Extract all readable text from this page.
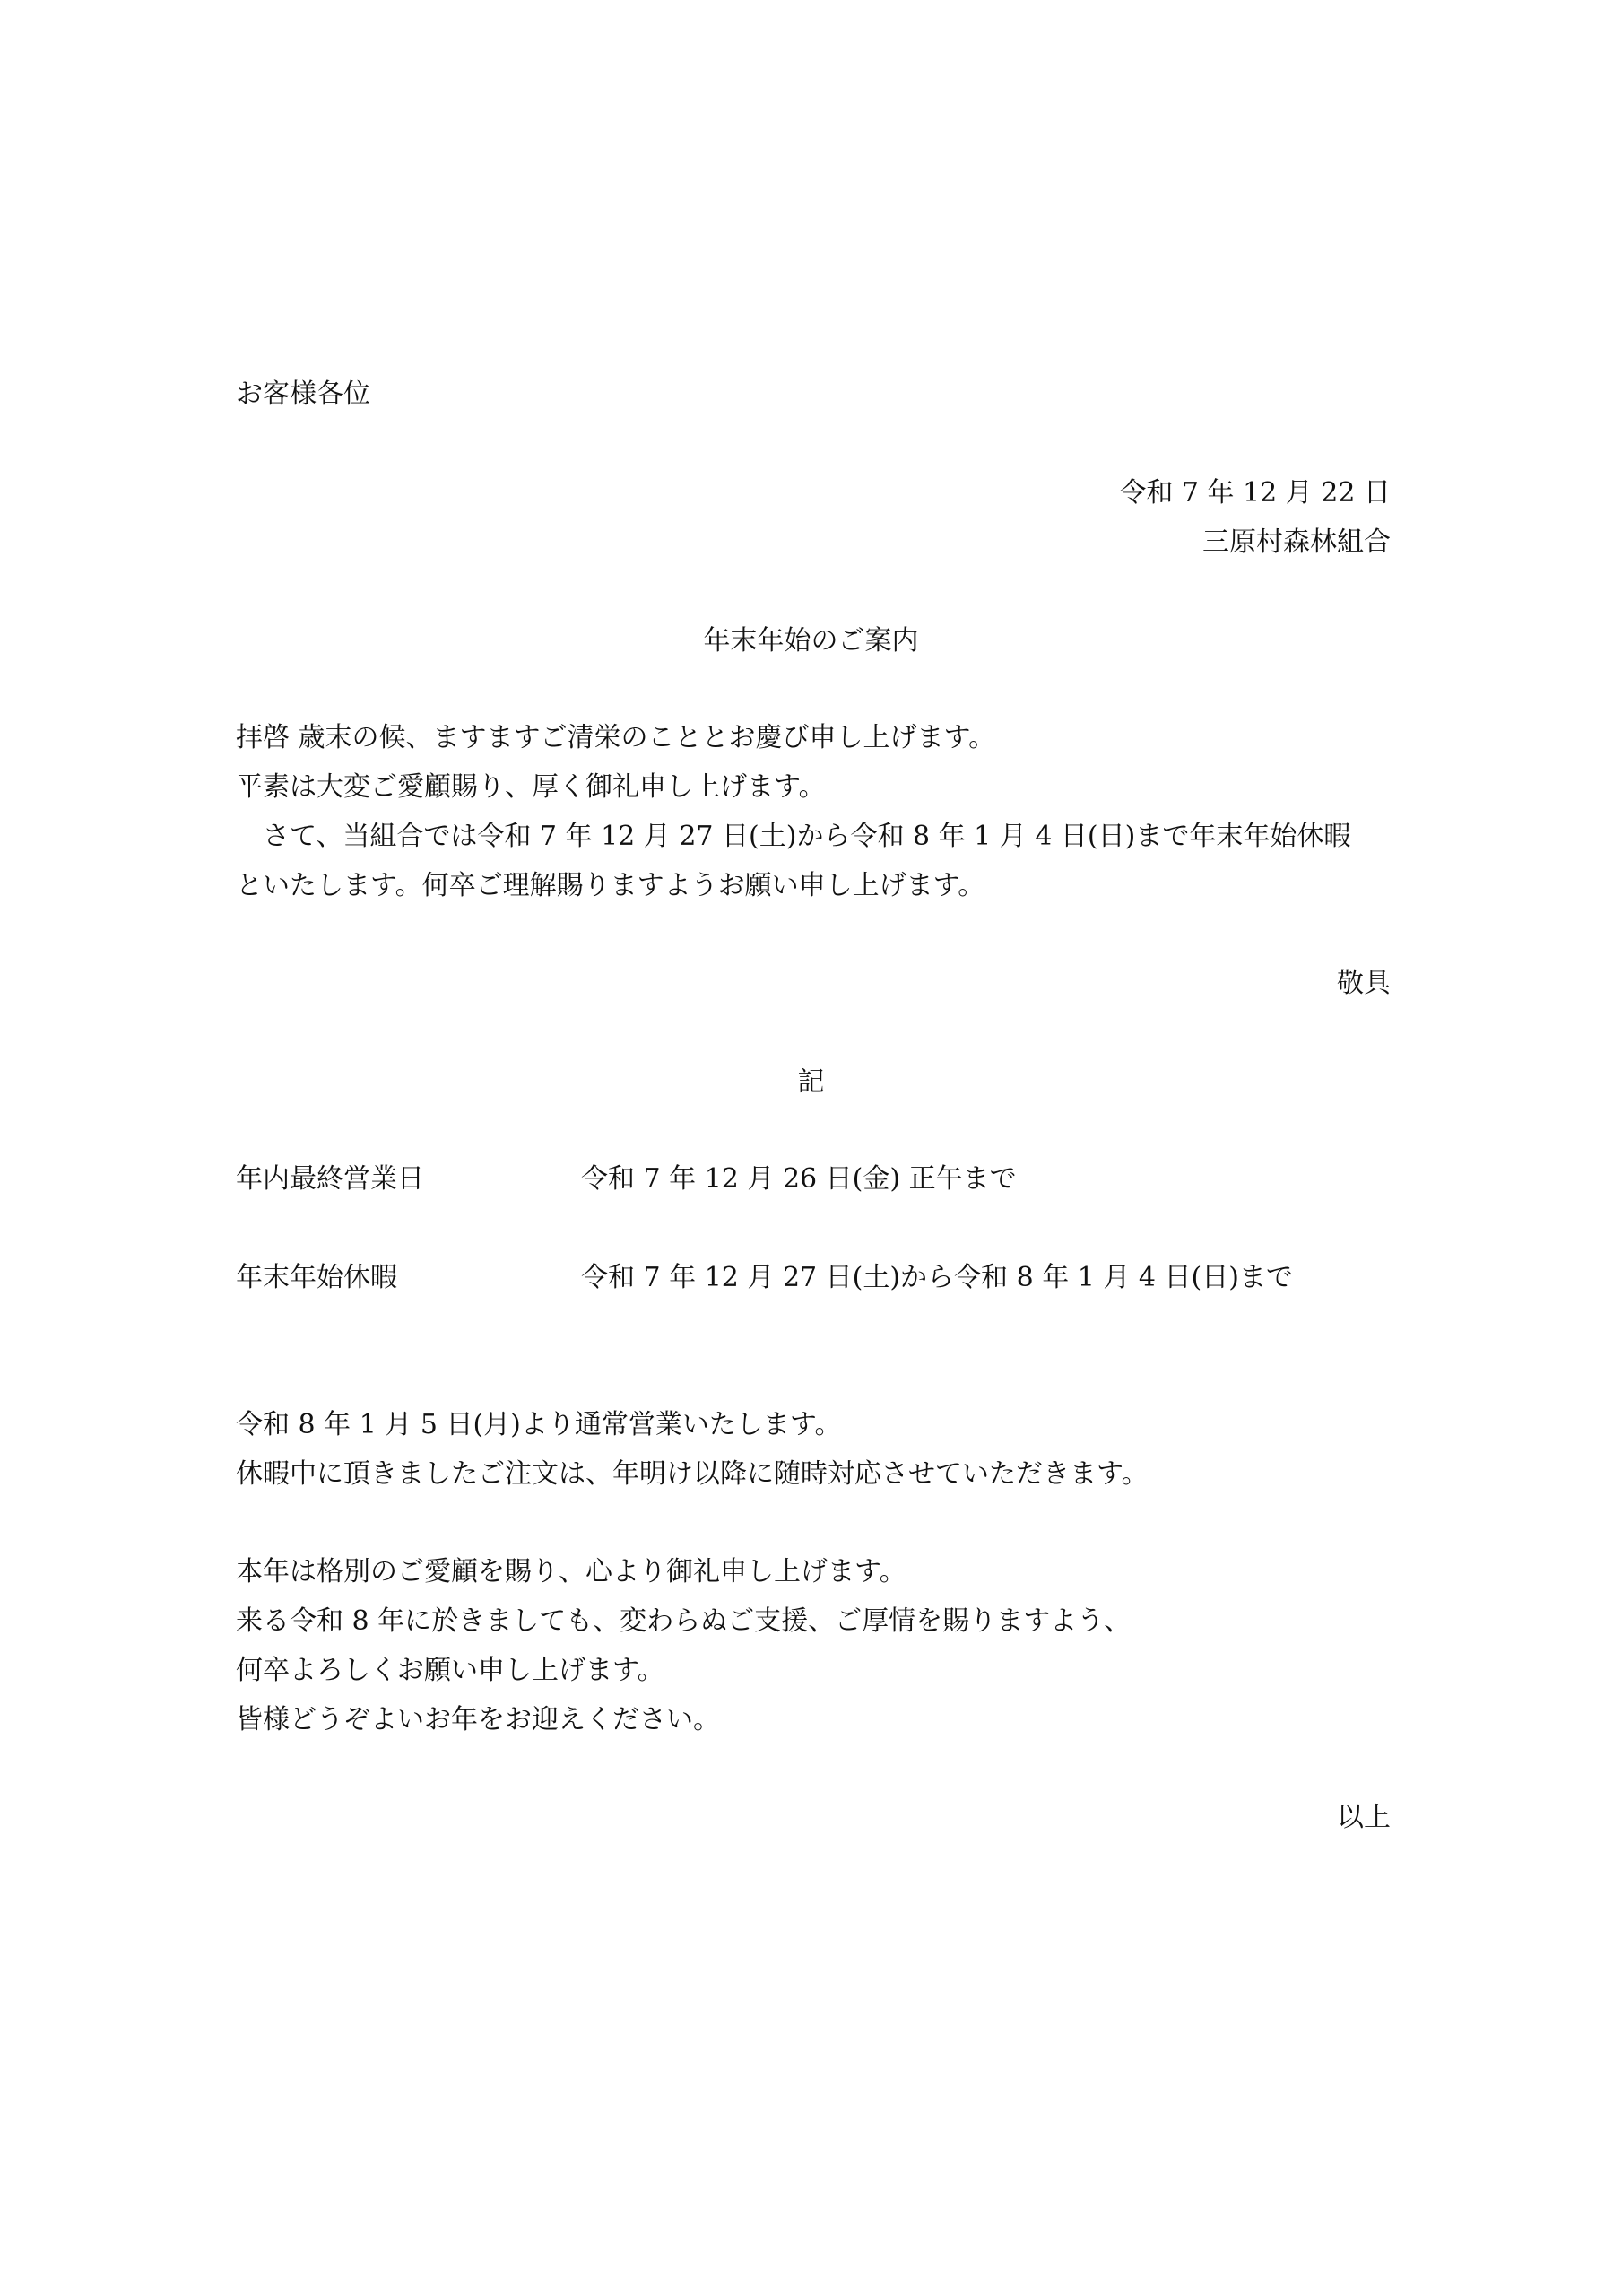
お客様各位
令和 7 年 12 月 22 日
三原村森林組合
年末年始のご案内
拝啓 歳末の候、ますますご清栄のこととお慶び申し上げます。
平素は大変ご愛顧賜り、厚く御礼申し上げます。
さて、当組合では令和 7 年 12 月 27 日(土)から令和 8 年 1 月 4 日(日)まで年末年始休暇
といたします。何卒ご理解賜りますようお願い申し上げます。
敬具
記
年内最終営業日	令和 7 年 12 月 26 日(金) 正午まで
年末年始休暇	令和 7 年 12 月 27 日(土)から令和 8 年 1 月 4 日(日)まで
令和 8 年 1 月 5 日(月)より通常営業いたします。
休暇中に頂きましたご注文は、年明け以降に随時対応させていただきます。
本年は格別のご愛顧を賜り、心より御礼申し上げます。
来る令和 8 年に於きましても、変わらぬご支援、ご厚情を賜りますよう、
何卒よろしくお願い申し上げます。
皆様どうぞよいお年をお迎えください。
以上
